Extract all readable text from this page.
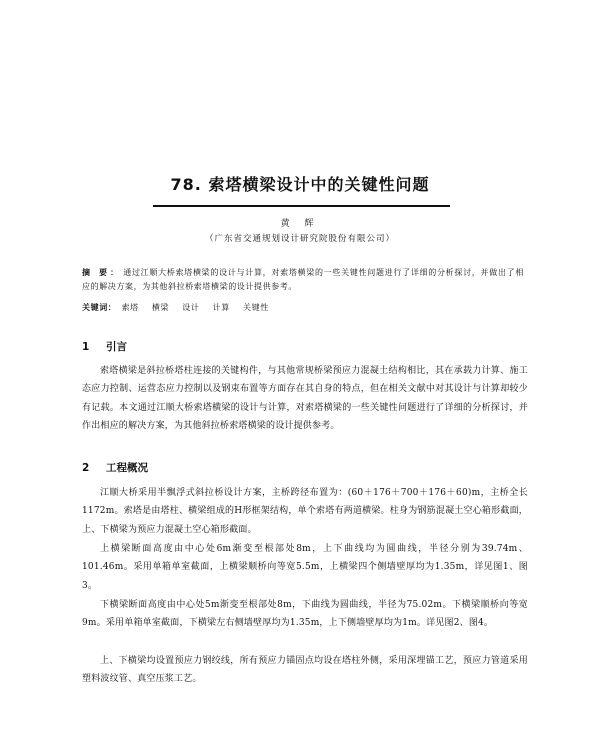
78. 索塔横梁设计中的关键性问题
黄 辉
（广东省交通规划设计研究院股份有限公司）
摘 要： 通过江顺大桥索塔横梁的设计与计算，对索塔横梁的一些关键性问题进行了详细的分析探讨，并做出了相应的解决方案，为其他斜拉桥索塔横梁的设计提供参考。
关键词： 索塔 横梁 设计 计算 关键性
1 引言
索塔横梁是斜拉桥塔柱连接的关键构件，与其他常规桥梁预应力混凝土结构相比，其在承载力计算、施工态应力控制、运营态应力控制以及钢束布置等方面存在其自身的特点，但在相关文献中对其设计与计算却较少有记载。本文通过江顺大桥索塔横梁的设计与计算，对索塔横梁的一些关键性问题进行了详细的分析探讨，并作出相应的解决方案，为其他斜拉桥索塔横梁的设计提供参考。
2 工程概况
江顺大桥采用半飘浮式斜拉桥设计方案，主桥跨径布置为：(60＋176＋700＋176＋60)m，主桥全长1172m。索塔是由塔柱、横梁组成的H形框架结构，单个索塔有两道横梁。柱身为钢筋混凝土空心箱形截面，上、下横梁为预应力混凝土空心箱形截面。
上横梁断面高度由中心处6m渐变至根部处8m，上下曲线均为圆曲线，半径分别为39.74m、101.46m。采用单箱单室截面，上横梁顺桥向等宽5.5m，上横梁四个侧墙壁厚均为1.35m，详见图1、图3。
下横梁断面高度由中心处5m渐变至根部处8m，下曲线为圆曲线，半径为75.02m。下横梁顺桥向等宽9m。采用单箱单室截面，下横梁左右侧墙壁厚均为1.35m，上下侧墙壁厚均为1m。详见图2、图4。
上、下横梁均设置预应力钢绞线，所有预应力锚固点均设在塔柱外侧，采用深埋锚工艺，预应力管道采用塑料波纹管、真空压浆工艺。
